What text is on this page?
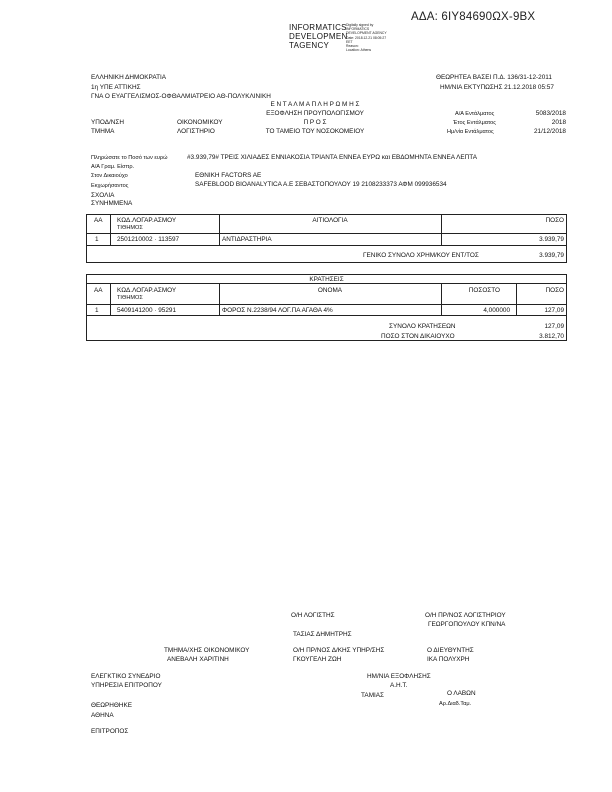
ΑΔΑ: 6ΙΥ84690ΩΧ-9ΒΧ
INFORMATICS
DEVELOPMEN
TAGENCY
Digitally signed by
INFORMATICS
DEVELOPMENT AGENCY
Date: 2018.12.21 08:05:27
EET
Reason:
Location: Athens
ΕΛΛΗΝΙΚΗ ΔΗΜΟΚΡΑΤΙΑ
1η ΥΠΕ ΑΤΤΙΚΗΣ
ΓΝΑ Ο ΕΥΑΓΓΕΛΙΣΜΟΣ-ΟΦΘΑΛΜΙΑΤΡΕΙΟ ΑΘ-ΠΟΛΥΚΛΙΝΙΚΗ
ΘΕΩΡΗΤΕΑ ΒΑΣΕΙ Π.Δ. 136/31-12-2011
ΗΜ/ΝΙΑ ΕΚΤΥΠΩΣΗΣ 21.12.2018 05:57
Ε Ν Τ Α Λ Μ Α Π Λ Η Ρ Ω Μ Η Σ
ΕΞΟΦΛΗΣΗ ΠΡΟΥΠΟΛΟΓΙΣΜΟΥ
Π Ρ Ο Σ
ΤΟ ΤΑΜΕΙΟ ΤΟΥ ΝΟΣΟΚΟΜΕΙΟΥ
ΥΠΟΔ/ΝΣΗ	ΟΙΚΟΝΟΜΙΚΟΥ
ΤΜΗΜΑ	ΛΟΓΙΣΤΗΡΙΟ
Α/Α Εντάλματος	5083/2018
Έτος Εντάλματος	2018
Ημ/νία Εντάλματος	21/12/2018
Πληρώσατε το Ποσό των ευρώ	#3.939,79# ΤΡΕΙΣ ΧΙΛΙΑΔΕΣ ΕΝΝΙΑΚΟΣΙΑ ΤΡΙΑΝΤΑ ΕΝΝΕΑ ΕΥΡΩ και ΕΒΔΟΜΗΝΤΑ ΕΝΝΕΑ ΛΕΠΤΑ
Α/Α Γραμ. Είσπρ.
Στον Δικαιούχο	ΕΘΝΙΚΗ FACTORS AE
Εκχωρήσαντος	SAFEBLOOD BIOANALYTICA A.E ΣΕΒΑΣΤΟΠΟΥΛΟΥ 19 2108233373 ΑΦΜ 099936534
ΣΧΟΛΙΑ
ΣΥΝΗΜΜΕΝΑ
ΑΑ ΚΩΔ.ΛΟΓΑΡ.ΑΣΜΟΥ
ΤΙΘΗΜΟΣ
ΑΙΤΙΟΛΟΓΙΑ	ΠΟΣΟ
1	2501210002 · 113597	ΑΝΤΙΔΡΑΣΤΗΡΙΑ	3.939,79
ΓΕΝΙΚΟ ΣΥΝΟΛΟ ΧΡΗΜ/ΚΟΥ ΕΝΤ/ΤΟΣ	3.939,79
ΚΡΑΤΗΣΕΙΣ
ΑΑ ΚΩΔ.ΛΟΓΑΡ.ΑΣΜΟΥ
ΤΙΘΗΜΟΣ
ΟΝΟΜΑ	ΠΟΣΟΣΤΟ	ΠΟΣΟ
1	5409141200 · 95291	ΦΟΡΟΣ Ν.2238/94 ΛΟΓ.ΠΑ ΑΓΑΘΑ 4%	4,000000	127,09
ΣΥΝΟΛΟ ΚΡΑΤΗΣΕΩΝ	127,09
ΠΟΣΟ ΣΤΟΝ ΔΙΚΑΙΟΥΧΟ	3.812,70
Ο/Η ΛΟΓΙΣΤΗΣ
ΤΑΣΙΑΣ ΔΗΜΗΤΡΗΣ
Ο/Η ΠΡ/ΝΟΣ ΛΟΓΙΣΤΗΡΙΟΥ
ΓΕΩΡΓΟΠΟΥΛΟΥ ΚΠΝ/ΝΑ
ΤΜΗΜΑ/ΧΗΣ ΟΙΚΟΝΟΜΙΚΟΥ
ΑΝΕΒΑΛΗ ΧΑΡΙΤΙΝΗ
Ο/Η ΠΡ/ΝΟΣ Δ/ΚΗΣ ΥΠΗΡ/ΣΗΣ
ΓΚΟΥΓΕΛΗ ΖΩΗ
Ο ΔΙΕΥΘΥΝΤΗΣ
ΙΚΑ ΠΟΛΥΧΡΗ
ΕΛΕΓΚΤΙΚΟ ΣΥΝΕΔΡΙΟ
ΥΠΗΡΕΣΙΑ ΕΠΙΤΡΟΠΟΥ
ΗΜ/ΝΙΑ ΕΞΟΦΛΗΣΗΣ
Α.Η.Τ.
ΤΑΜΙΑΣ	Ο ΛΑΒΩΝ
Αρ.Διαδ.Ταμ.
ΘΕΩΡΗΘΗΚΕ
ΑΘΗΝΑ
ΕΠΙΤΡΟΠΟΣ
